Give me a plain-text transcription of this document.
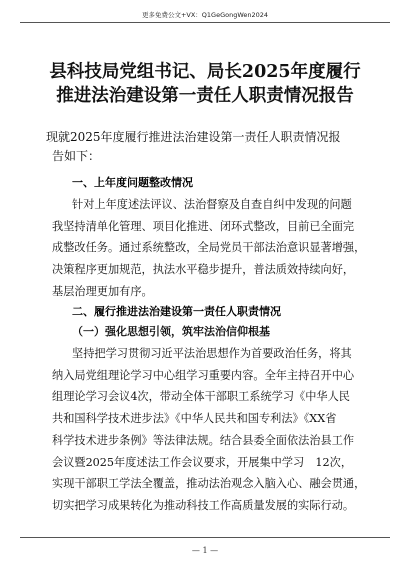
更多免费公文+VX：Q1GeGongWen2024
县科技局党组书记、局长2025年度履行
推进法治建设第一责任人职责情况报告
现就2025年度履行推进法治建设第一责任人职责情况报
告如下：
一、上年度问题整改情况
针对上年度述法评议、法治督察及自查自纠中发现的问题
我坚持清单化管理、项目化推进、闭环式整改，目前已全面完
成整改任务。通过系统整改，全局党员干部法治意识显著增强，
决策程序更加规范，执法水平稳步提升，普法质效持续向好，
基层治理更加有序。
二、履行推进法治建设第一责任人职责情况
（一）强化思想引领，筑牢法治信仰根基
坚持把学习贯彻习近平法治思想作为首要政治任务，将其
纳入局党组理论学习中心组学习重要内容。全年主持召开中心
组理论学习会议4次，带动全体干部职工系统学习《中华人民
共和国科学技术进步法》《中华人民共和国专利法》《XX省
科学技术进步条例》等法律法规。结合县委全面依法治县工作
会议暨2025年度述法工作会议要求，开展集中学习　12次，
实现干部职工学法全覆盖，推动法治观念入脑入心、融会贯通，
切实把学习成果转化为推动科技工作高质量发展的实际行动。
— 1 —
